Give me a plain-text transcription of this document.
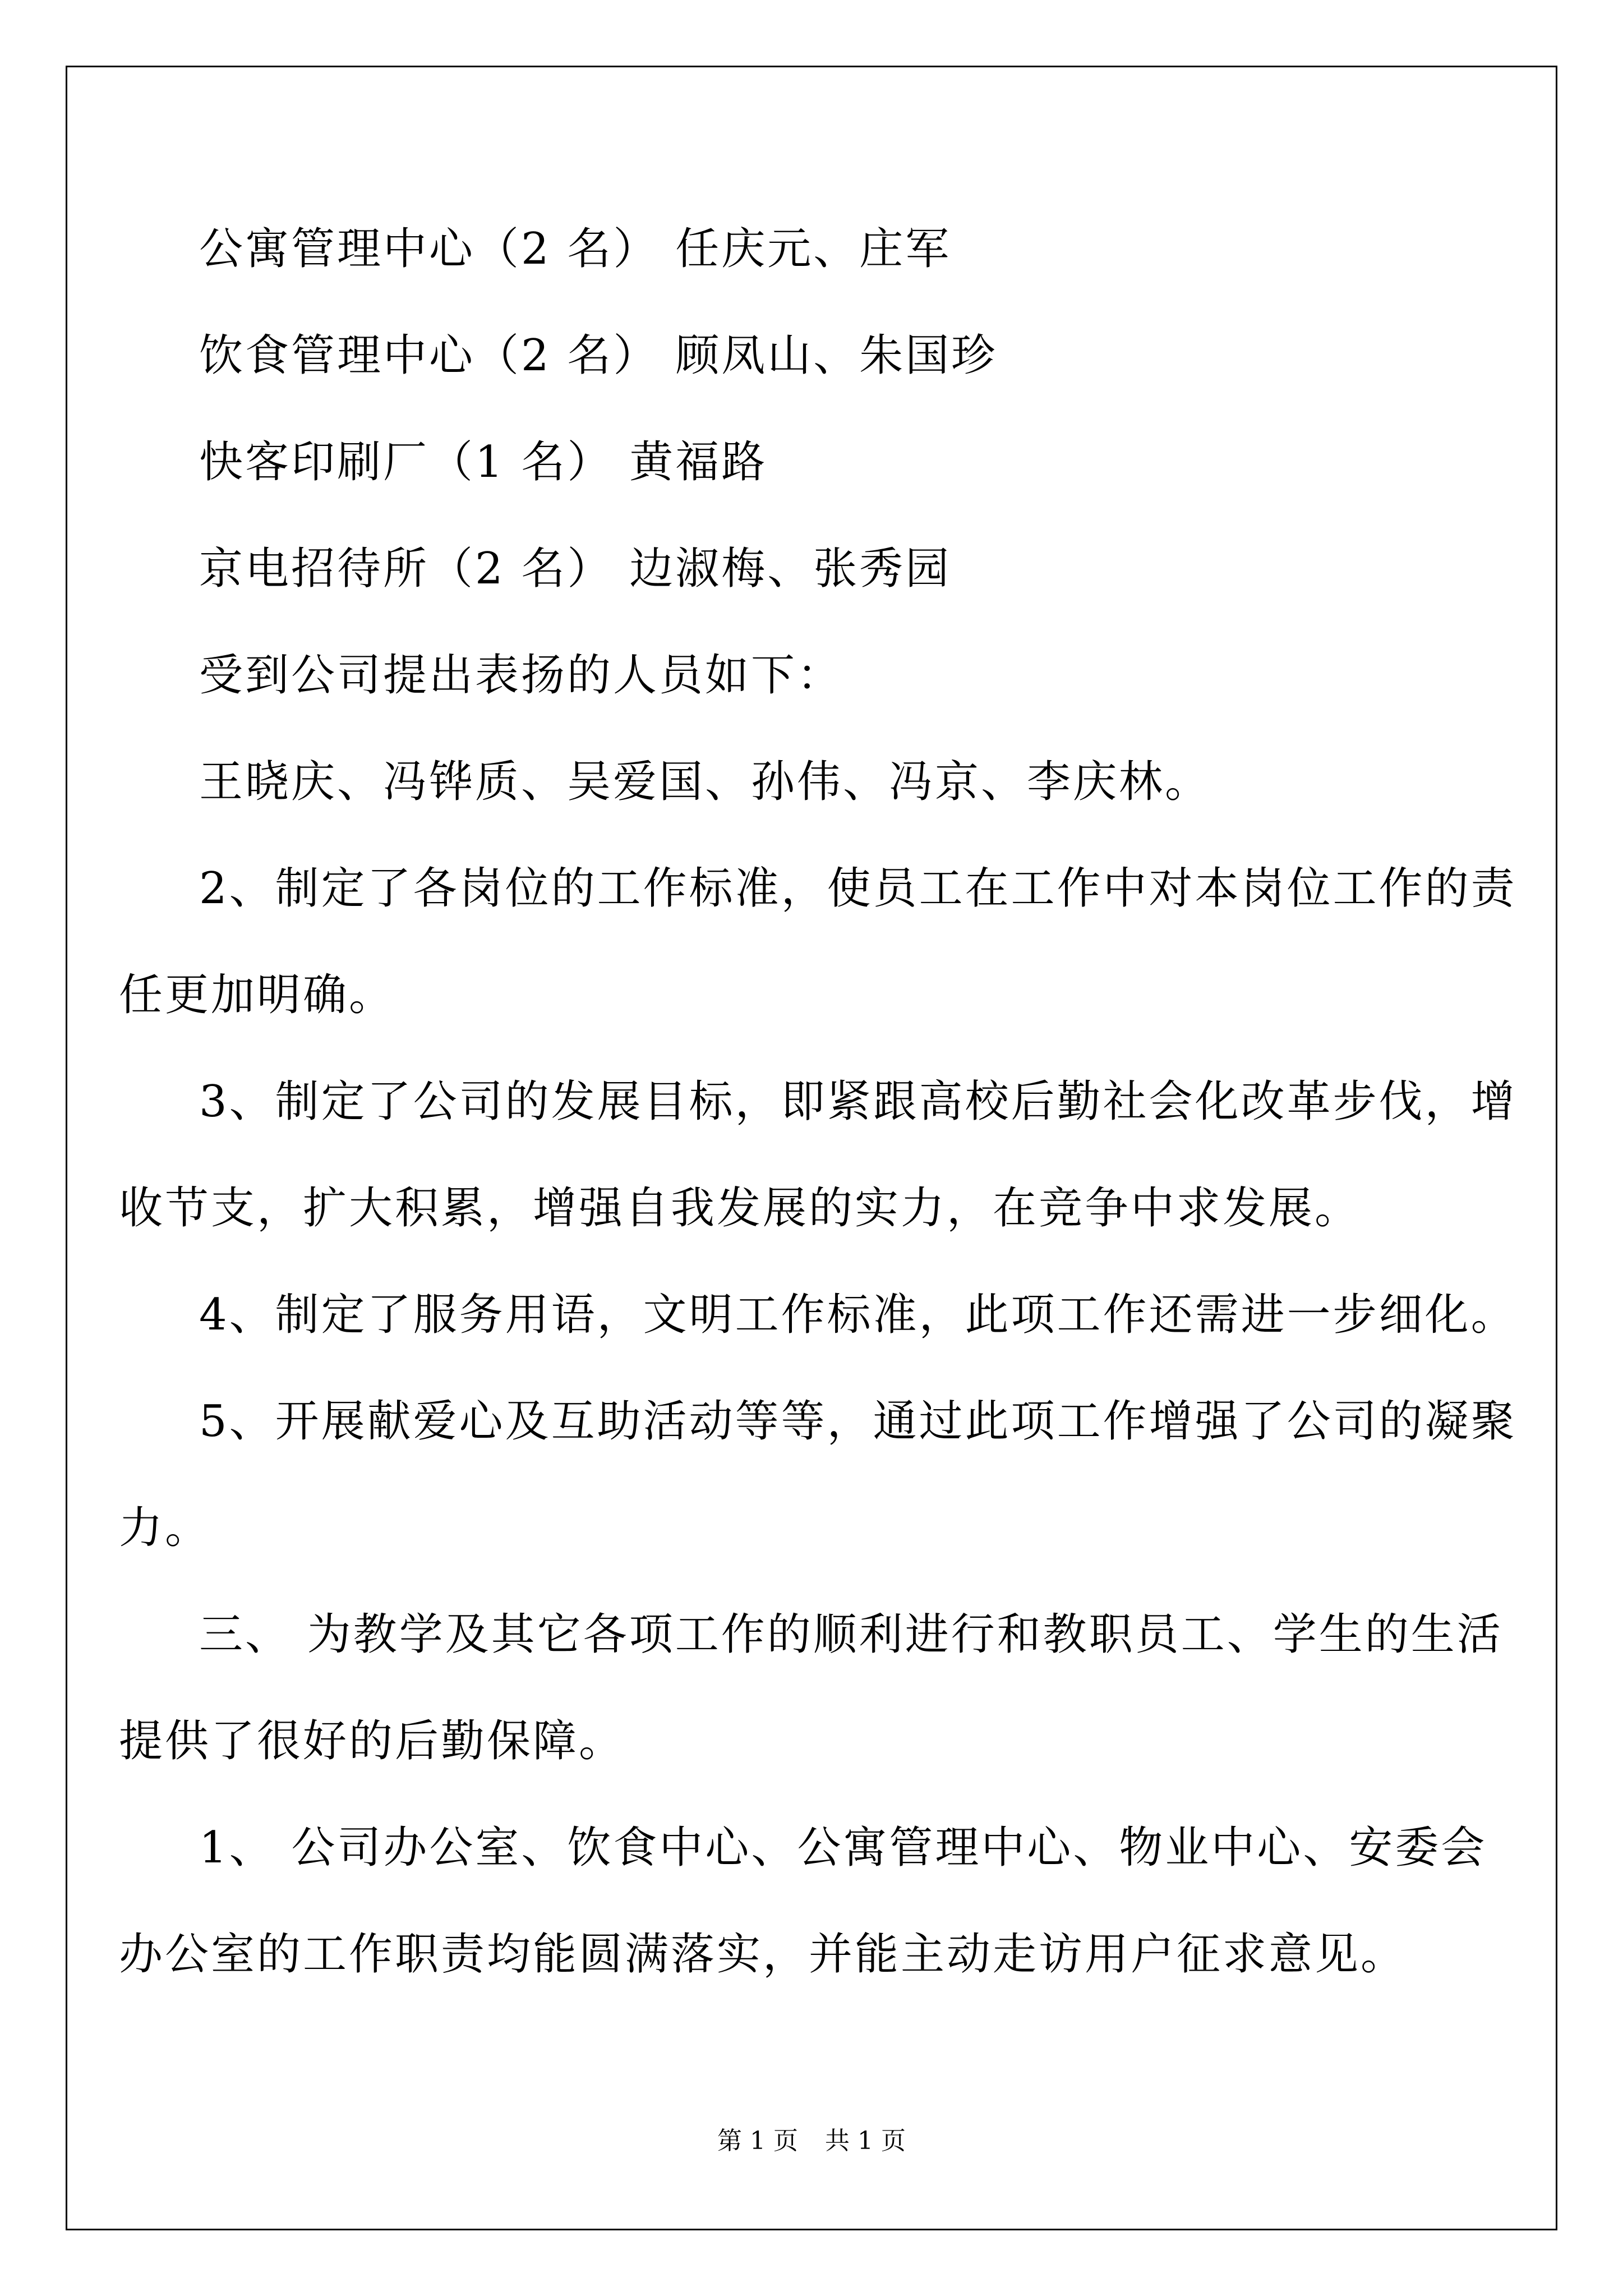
公寓管理中心（2 名） 任庆元、庄军
饮食管理中心（2 名） 顾凤山、朱国珍
快客印刷厂（1 名） 黄福路
京电招待所（2 名） 边淑梅、张秀园
受到公司提出表扬的人员如下：
王晓庆、冯铧质、吴爱国、孙伟、冯京、李庆林。
2、制定了各岗位的工作标准，使员工在工作中对本岗位工作的责
任更加明确。
3、制定了公司的发展目标，即紧跟高校后勤社会化改革步伐，增
收节支，扩大积累，增强自我发展的实力，在竞争中求发展。
4、制定了服务用语，文明工作标准，此项工作还需进一步细化。
5、开展献爱心及互助活动等等，通过此项工作增强了公司的凝聚
力。
三、 为教学及其它各项工作的顺利进行和教职员工、学生的生活
提供了很好的后勤保障。
1、 公司办公室、饮食中心、公寓管理中心、物业中心、安委会
办公室的工作职责均能圆满落实，并能主动走访用户征求意见。
第 1 页 共 1 页
